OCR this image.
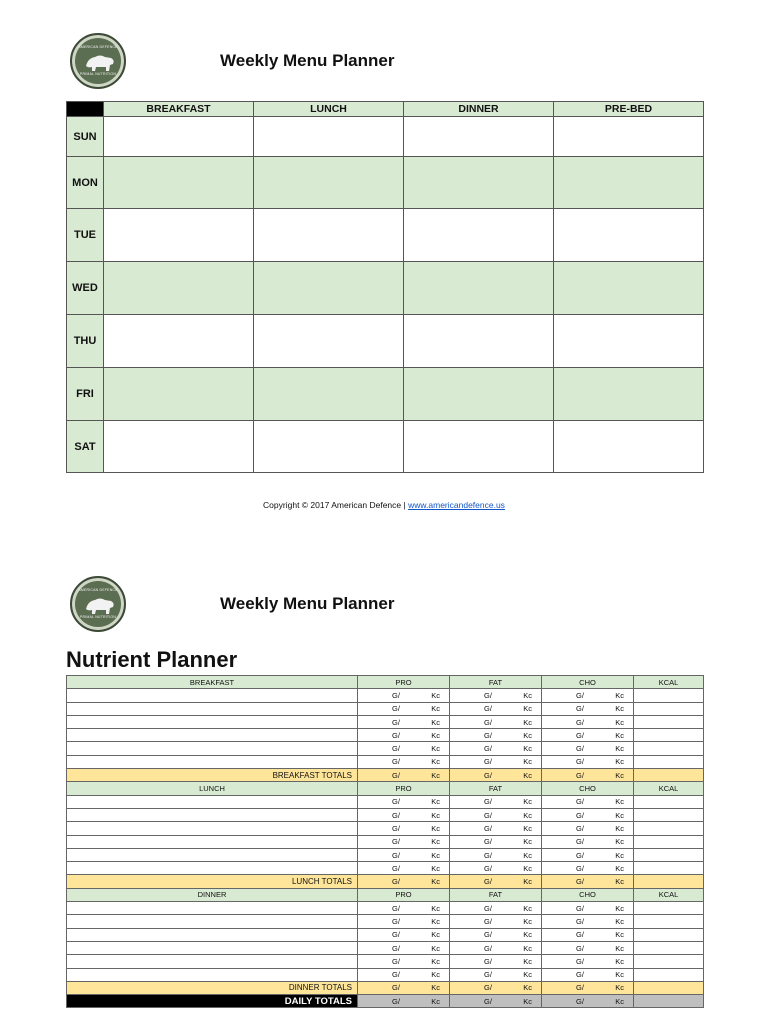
AMERICAN DEFENCE
PRIMAL NUTRITION
Weekly Menu Planner
	BREAKFAST	LUNCH	DINNER	PRE-BED
SUN				
MON				
TUE				
WED				
THU				
FRI				
SAT				
Copyright © 2017 American Defence | www.americandefence.us
AMERICAN DEFENCE
PRIMAL NUTRITION
Weekly Menu Planner
Nutrient Planner
BREAKFAST	PRO	FAT	CHO	KCAL

	G/ Kc	G/ Kc	G/ Kc	

	G/ Kc	G/ Kc	G/ Kc	

	G/ Kc	G/ Kc	G/ Kc	

	G/ Kc	G/ Kc	G/ Kc	

	G/ Kc	G/ Kc	G/ Kc	

	G/ Kc	G/ Kc	G/ Kc	

BREAKFAST TOTALS	G/ Kc	G/ Kc	G/ Kc	

LUNCH	PRO	FAT	CHO	KCAL

	G/ Kc	G/ Kc	G/ Kc	

	G/ Kc	G/ Kc	G/ Kc	

	G/ Kc	G/ Kc	G/ Kc	

	G/ Kc	G/ Kc	G/ Kc	

	G/ Kc	G/ Kc	G/ Kc	

	G/ Kc	G/ Kc	G/ Kc	

LUNCH TOTALS	G/ Kc	G/ Kc	G/ Kc	

DINNER	PRO	FAT	CHO	KCAL

	G/ Kc	G/ Kc	G/ Kc	

	G/ Kc	G/ Kc	G/ Kc	

	G/ Kc	G/ Kc	G/ Kc	

	G/ Kc	G/ Kc	G/ Kc	

	G/ Kc	G/ Kc	G/ Kc	

	G/ Kc	G/ Kc	G/ Kc	

DINNER TOTALS	G/ Kc	G/ Kc	G/ Kc	

DAILY TOTALS	G/ Kc	G/ Kc	G/ Kc	
